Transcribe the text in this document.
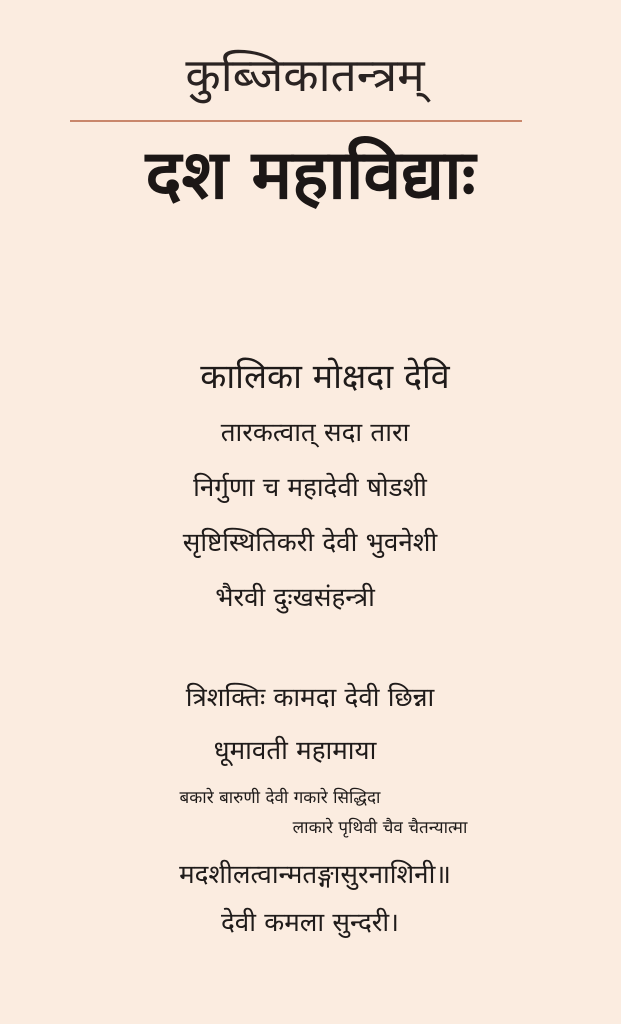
कुब्जिकातन्त्रम्
दश महाविद्याः
कालिका मोक्षदा देवि
तारकत्वात् सदा तारा
निर्गुणा च महादेवी षोडशी
सृष्टिस्थितिकरी देवी भुवनेशी
भैरवी दुःखसंहन्त्री
त्रिशक्तिः कामदा देवी छिन्ना
धूमावती महामाया
बकारे बारुणी देवी गकारे सिद्धिदा
लाकारे पृथिवी चैव चैतन्यात्मा
मदशीलत्वान्मतङ्गासुरनाशिनी॥
देवी कमला सुन्दरी।
